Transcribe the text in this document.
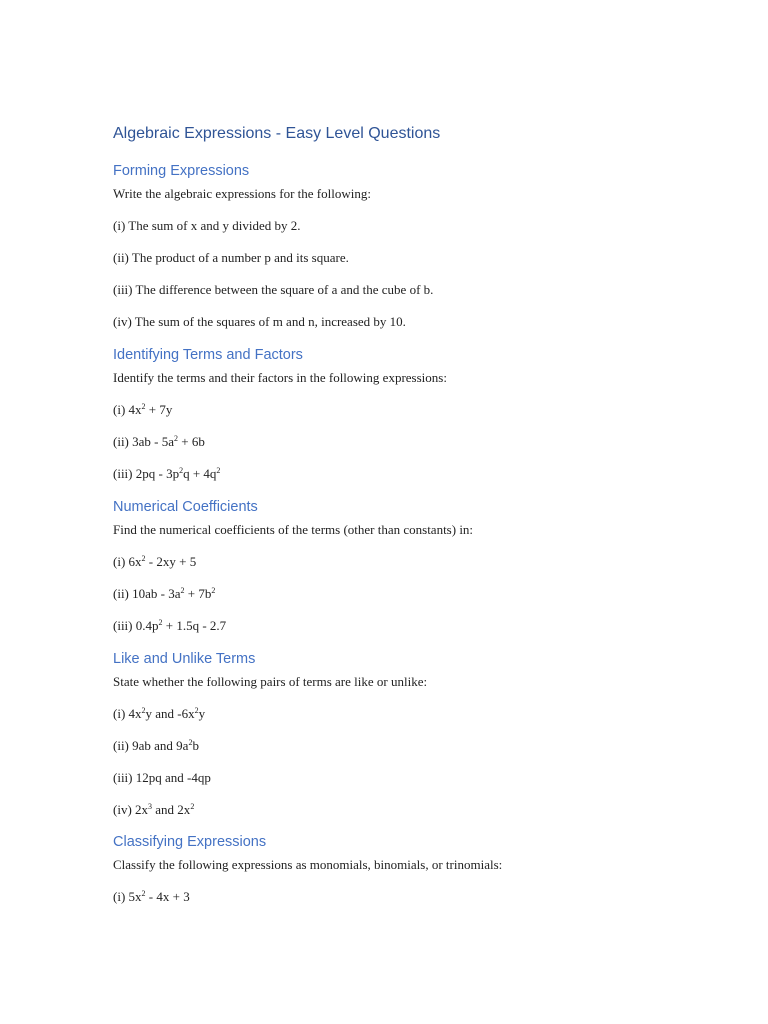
Algebraic Expressions - Easy Level Questions
Forming Expressions

Write the algebraic expressions for the following:

(i) The sum of x and y divided by 2.

(ii) The product of a number p and its square.

(iii) The difference between the square of a and the cube of b.

(iv) The sum of the squares of m and n, increased by 10.

Identifying Terms and Factors

Identify the terms and their factors in the following expressions:

(i) $4x^2 + 7y$

(ii) $3ab - 5a^2 + 6b$

(iii) $2pq - 3p^2q + 4q^2$

Numerical Coefficients

Find the numerical coefficients of the terms (other than constants) in:

(i) $6x^2 - 2xy + 5$

(ii) $10ab - 3a^2 + 7b^2$

(iii) $0.4p^2 + 1.5q - 2.7$

Like and Unlike Terms

State whether the following pairs of terms are like or unlike:

(i) $4x^2y$ and $-6x^2y$

(ii) 9ab and $9a^2b$

(iii) 12pq and -4qp

(iv) $2x^3$ and $2x^2$

Classifying Expressions

Classify the following expressions as monomials, binomials, or trinomials:

(i) $5x^2 - 4x + 3$
